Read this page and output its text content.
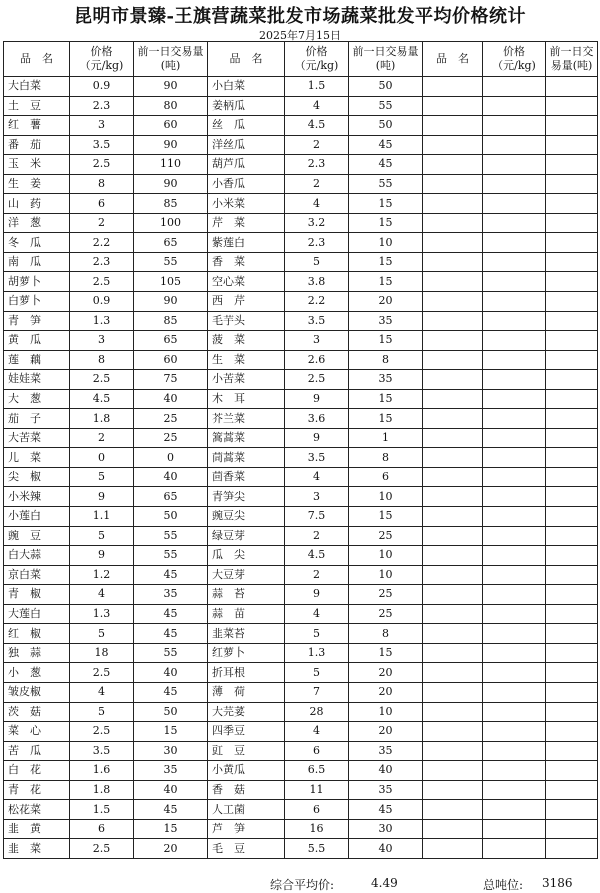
昆明市景臻-王旗营蔬菜批发市场蔬菜批发平均价格统计
2025年7月15日
品　名	价格（元/kg)	前一日交易量(吨)	品　名	价格（元/kg)	前一日交易量(吨)	品　名	价格（元/kg)	前一日交易量(吨)
大白菜	0.9	90	小白菜	1.5	50			
土　豆	2.3	80	姜柄瓜	4	55			
红　薯	3	60	丝　瓜	4.5	50			
番　茄	3.5	90	洋丝瓜	2	45			
玉　米	2.5	110	葫芦瓜	2.3	45			
生　姜	8	90	小香瓜	2	55			
山　药	6	85	小米菜	4	15			
洋　葱	2	100	芹　菜	3.2	15			
冬　瓜	2.2	65	紫莲白	2.3	10			
南　瓜	2.3	55	香　菜	5	15			
胡萝卜	2.5	105	空心菜	3.8	15			
白萝卜	0.9	90	西　芹	2.2	20			
青　笋	1.3	85	毛芋头	3.5	35			
黄　瓜	3	65	菠　菜	3	15			
莲　藕	8	60	生　菜	2.6	8			
娃娃菜	2.5	75	小苦菜	2.5	35			
大　葱	4.5	40	木　耳	9	15			
茄　子	1.8	25	芥兰菜	3.6	15			
大苦菜	2	25	篙蒿菜	9	1			
儿　菜	0	0	茼蒿菜	3.5	8			
尖　椒	5	40	茴香菜	4	6			
小米辣	9	65	青笋尖	3	10			
小莲白	1.1	50	豌豆尖	7.5	15			
豌　豆	5	55	绿豆芽	2	25			
白大蒜	9	55	瓜　尖	4.5	10			
京白菜	1.2	45	大豆芽	2	10			
青　椒	4	35	蒜　苔	9	25			
大莲白	1.3	45	蒜　苗	4	25			
红　椒	5	45	韭菜苔	5	8			
独　蒜	18	55	红萝卜	1.3	15			
小　葱	2.5	40	折耳根	5	20			
皱皮椒	4	45	薄　荷	7	20			
茨　菇	5	50	大芫荽	28	10			
菜　心	2.5	15	四季豆	4	20			
苦　瓜	3.5	30	豇　豆	6	35			
白　花	1.6	35	小黄瓜	6.5	40			
青　花	1.8	40	香　菇	11	35			
松花菜	1.5	45	人工菌	6	45			
韭　黄	6	15	芦　笋	16	30			
韭　菜	2.5	20	毛　豆	5.5	40			
综合平均价:	4.49	总吨位: 3186
